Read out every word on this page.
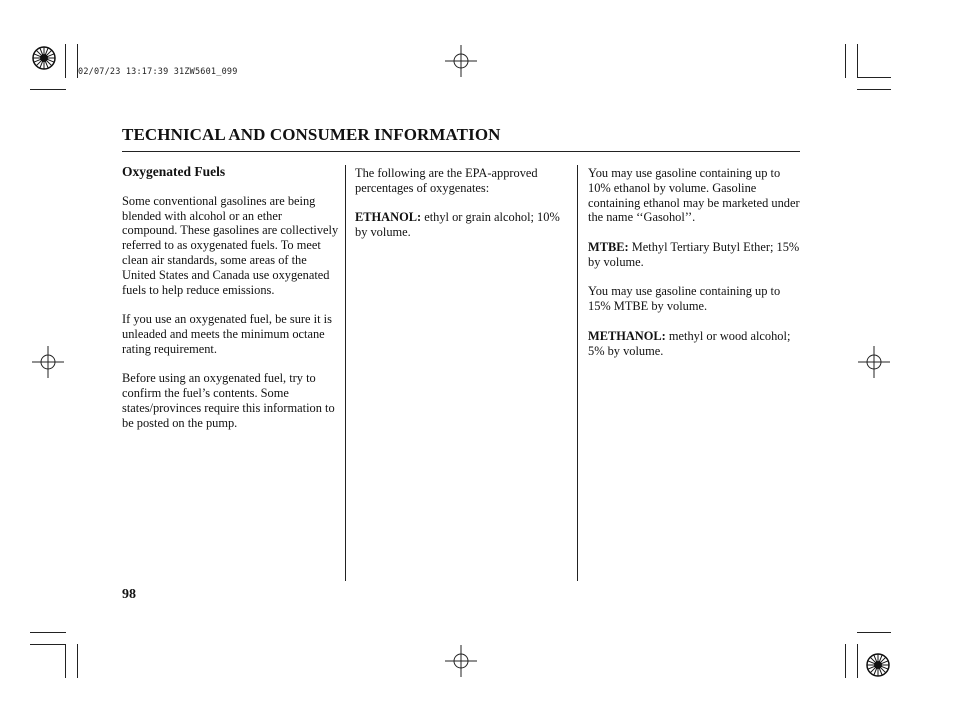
02/07/23 13:17:39 31ZW5601_099
TECHNICAL AND CONSUMER INFORMATION
Oxygenated Fuels

Some conventional gasolines are being blended with alcohol or an ether compound. These gasolines are collectively referred to as oxygenated fuels. To meet clean air standards, some areas of the United States and Canada use oxygenated fuels to help reduce emissions.

If you use an oxygenated fuel, be sure it is unleaded and meets the minimum octane rating requirement.

Before using an oxygenated fuel, try to confirm the fuel’s contents. Some states/provinces require this information to be posted on the pump.

The following are the EPA-approved percentages of oxygenates:

ETHANOL: ethyl or grain alcohol; 10% by volume.

You may use gasoline containing up to 10% ethanol by volume. Gasoline containing ethanol may be marketed under the name ‘‘Gasohol’’.

MTBE: Methyl Tertiary Butyl Ether; 15% by volume.

You may use gasoline containing up to 15% MTBE by volume.

METHANOL: methyl or wood alcohol; 5% by volume.

98
